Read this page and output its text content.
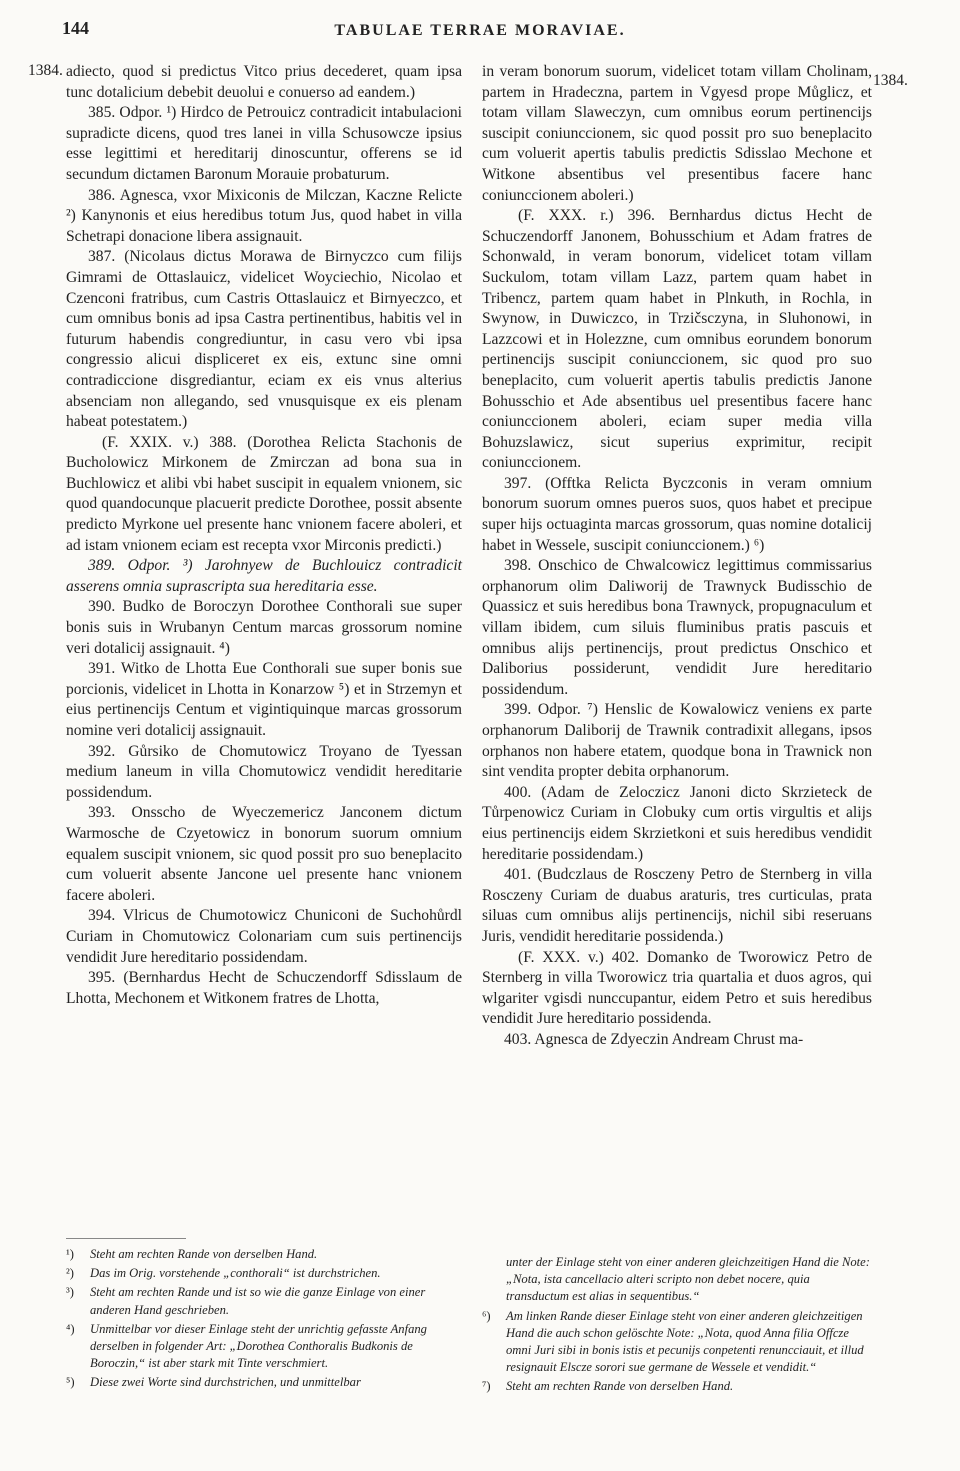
144	TABULAE TERRAE MORAVIAE.
1384.
1384.

adiecto, quod si predictus Vitco prius decederet, quam ipsa tunc dotalicium debebit deuolui e conuerso ad eandem.)

385. Odpor. ¹) Hirdco de Petrouicz contradicit intabulacioni supradicte dicens, quod tres lanei in villa Schusowcze ipsius esse legittimi et hereditarij dinoscuntur, offerens se id secundum dictamen Baronum Morauie probaturum.

386. Agnesca, vxor Mixiconis de Milczan, Kaczne Relicte ²) Kanynonis et eius heredibus totum Jus, quod habet in villa Schetrapi donacione libera assignauit.

387. (Nicolaus dictus Morawa de Birnyczco cum filijs Gimrami de Ottaslauicz, videlicet Woyciechio, Nicolao et Czenconi fratribus, cum Castris Ottaslauicz et Birnyeczco, et cum omnibus bonis ad ipsa Castra pertinentibus, habitis vel in futurum habendis congrediuntur, in casu vero vbi ipsa congressio alicui displiceret ex eis, extunc sine omni contradiccione disgrediantur, eciam ex eis vnus alterius absenciam non allegando, sed vnusquisque ex eis plenam habeat potestatem.)

(F. XXIX. v.) 388. (Dorothea Relicta Stachonis de Bucholowicz Mirkonem de Zmirczan ad bona sua in Buchlowicz et alibi vbi habet suscipit in equalem vnionem, sic quod quandocunque placuerit predicte Dorothee, possit absente predicto Myrkone uel presente hanc vnionem facere aboleri, et ad istam vnionem eciam est recepta vxor Mirconis predicti.)

389. Odpor. ³) Jarohnyew de Buchlouicz contradicit asserens omnia suprascripta sua hereditaria esse.

390. Budko de Boroczyn Dorothee Conthorali sue super bonis suis in Wrubanyn Centum marcas grossorum nomine veri dotalicij assignauit. ⁴)

391. Witko de Lhotta Eue Conthorali sue super bonis sue porcionis, videlicet in Lhotta in Konarzow ⁵) et in Strzemyn et eius pertinencijs Centum et vigintiquinque marcas grossorum nomine veri dotalicij assignauit.

392. Gůrsiko de Chomutowicz Troyano de Tyessan medium laneum in villa Chomutowicz vendidit hereditarie possidendum.

393. Onsscho de Wyeczemericz Janconem dictum Warmosche de Czyetowicz in bonorum suorum omnium equalem suscipit vnionem, sic quod possit pro suo beneplacito cum voluerit absente Jancone uel presente hanc vnionem facere aboleri.

394. Vlricus de Chumotowicz Chuniconi de Suchohůrdl Curiam in Chomutowicz Colonariam cum suis pertinencijs vendidit Jure hereditario possidendam.

395. (Bernhardus Hecht de Schuczendorff Sdisslaum de Lhotta, Mechonem et Witkonem fratres de Lhotta,

in veram bonorum suorum, videlicet totam villam Cholinam, partem in Hradeczna, partem in Vgyesd prope Můglicz, et totam villam Slaweczyn, cum omnibus eorum pertinencijs suscipit coniunccionem, sic quod possit pro suo beneplacito cum voluerit apertis tabulis predictis Sdisslao Mechone et Witkone absentibus vel presentibus facere hanc coniunccionem aboleri.)

(F. XXX. r.) 396. Bernhardus dictus Hecht de Schuczendorff Janonem, Bohusschium et Adam fratres de Schonwald, in veram bonorum, videlicet totam villam Suckulom, totam villam Lazz, partem quam habet in Tribencz, partem quam habet in Plnkuth, in Rochla, in Swynow, in Duwiczco, in Trzičsczyna, in Sluhonowi, in Lazzcowi et in Holezzne, cum omnibus eorundem bonorum pertinencijs suscipit coniunccionem, sic quod pro suo beneplacito, cum voluerit apertis tabulis predictis Janone Bohusschio et Ade absentibus uel presentibus facere hanc coniunccionem aboleri, eciam super media villa Bohuzslawicz, sicut superius exprimitur, recipit coniunccionem.

397. (Offtka Relicta Byczconis in veram omnium bonorum suorum omnes pueros suos, quos habet et precipue super hijs octuaginta marcas grossorum, quas nomine dotalicij habet in Wessele, suscipit coniunccionem.) ⁶)

398. Onschico de Chwalcowicz legittimus commissarius orphanorum olim Daliworij de Trawnyck Budisschio de Quassicz et suis heredibus bona Trawnyck, propugnaculum et villam ibidem, cum siluis fluminibus pratis pascuis et omnibus alijs pertinencijs, prout predictus Onschico et Daliborius possiderunt, vendidit Jure hereditario possidendum.

399. Odpor. ⁷) Henslic de Kowalowicz veniens ex parte orphanorum Daliborij de Trawnik contradixit allegans, ipsos orphanos non habere etatem, quodque bona in Trawnick non sint vendita propter debita orphanorum.

400. (Adam de Zeloczicz Janoni dicto Skrzieteck de Tůrpenowicz Curiam in Clobuky cum ortis virgultis et alijs eius pertinencijs eidem Skrzietkoni et suis heredibus vendidit hereditarie possidendam.)

401. (Budczlaus de Rosczeny Petro de Sternberg in villa Rosczeny Curiam de duabus araturis, tres curticulas, prata siluas cum omnibus alijs pertinencijs, nichil sibi reseruans Juris, vendidit hereditarie possidenda.)

(F. XXX. v.) 402. Domanko de Tworowicz Petro de Sternberg in villa Tworowicz tria quartalia et duos agros, qui wlgariter vgisdi nunccupantur, eidem Petro et suis heredibus vendidit Jure hereditario possidenda.

403. Agnesca de Zdyeczin Andream Chrust ma-

¹) Steht am rechten Rande von derselben Hand.
²) Das im Orig. vorstehende „conthorali“ ist durchstrichen.
³) Steht am rechten Rande und ist so wie die ganze Einlage von einer anderen Hand geschrieben.
⁴) Unmittelbar vor dieser Einlage steht der unrichtig gefasste Anfang derselben in folgender Art: „Dorothea Conthoralis Budkonis de Boroczin,“ ist aber stark mit Tinte verschmiert.
⁵) Diese zwei Worte sind durchstrichen, und unmittelbar
unter der Einlage steht von einer anderen gleichzeitigen Hand die Note: „Nota, ista cancellacio alteri scripto non debet nocere, quia transductum est alias in sequentibus.“
⁶) Am linken Rande dieser Einlage steht von einer anderen gleichzeitigen Hand die auch schon gelöschte Note: „Nota, quod Anna filia Offcze omni Juri sibi in bonis istis et pecunijs conpetenti renuncciauit, et illud resignauit Elscze sorori sue germane de Wessele et vendidit.“
⁷) Steht am rechten Rande von derselben Hand.
